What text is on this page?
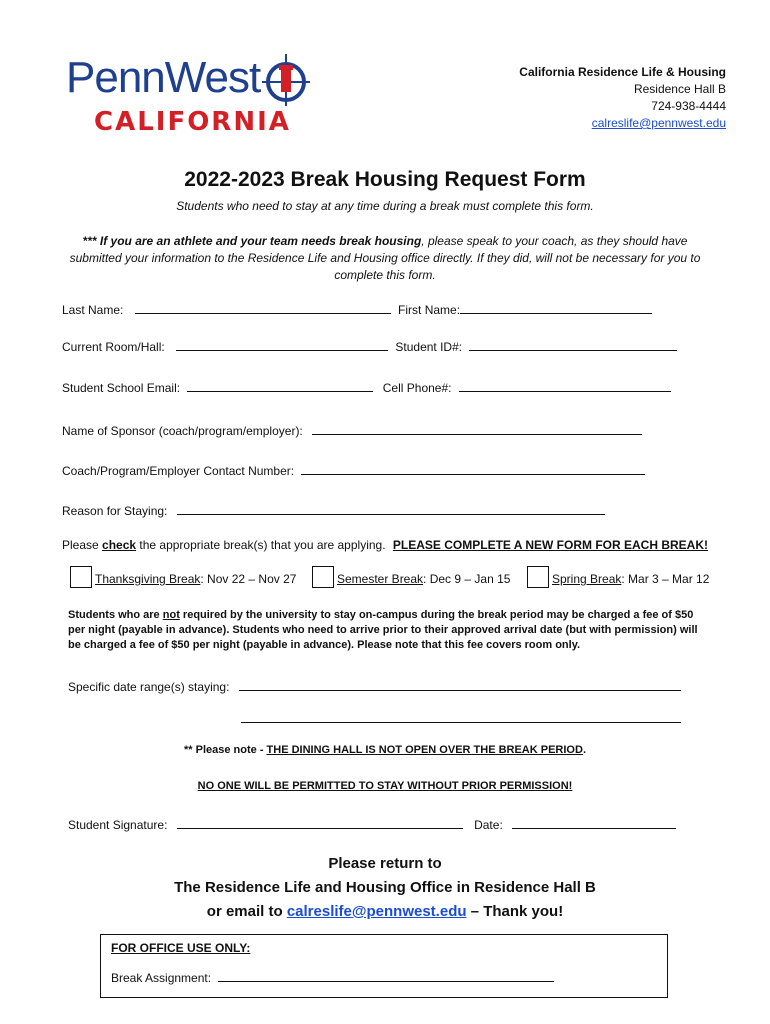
PennWest
CALIFORNIA
California Residence Life & Housing
Residence Hall B
724-938-4444
calreslife@pennwest.edu
2022-2023 Break Housing Request Form
Students who need to stay at any time during a break must complete this form.
*** If you are an athlete and your team needs break housing, please speak to your coach, as they should have submitted your information to the Residence Life and Housing office directly. If they did, will not be necessary for you to complete this form.
Last Name:	First Name:
Current Room/Hall:	Student ID#:
Student School Email:	Cell Phone#:
Name of Sponsor (coach/program/employer):
Coach/Program/Employer Contact Number:
Reason for Staying:
Please check the appropriate break(s) that you are applying. PLEASE COMPLETE A NEW FORM FOR EACH BREAK!
Thanksgiving Break: Nov 22 – Nov 27	Semester Break: Dec 9 – Jan 15	Spring Break: Mar 3 – Mar 12
Students who are not required by the university to stay on-campus during the break period may be charged a fee of $50 per night (payable in advance). Students who need to arrive prior to their approved arrival date (but with permission) will be charged a fee of $50 per night (payable in advance). Please note that this fee covers room only.
Specific date range(s) staying:
** Please note - THE DINING HALL IS NOT OPEN OVER THE BREAK PERIOD.
NO ONE WILL BE PERMITTED TO STAY WITHOUT PRIOR PERMISSION!
Student Signature:	Date:
Please return to
The Residence Life and Housing Office in Residence Hall B
or email to calreslife@pennwest.edu – Thank you!
FOR OFFICE USE ONLY:
Break Assignment:
